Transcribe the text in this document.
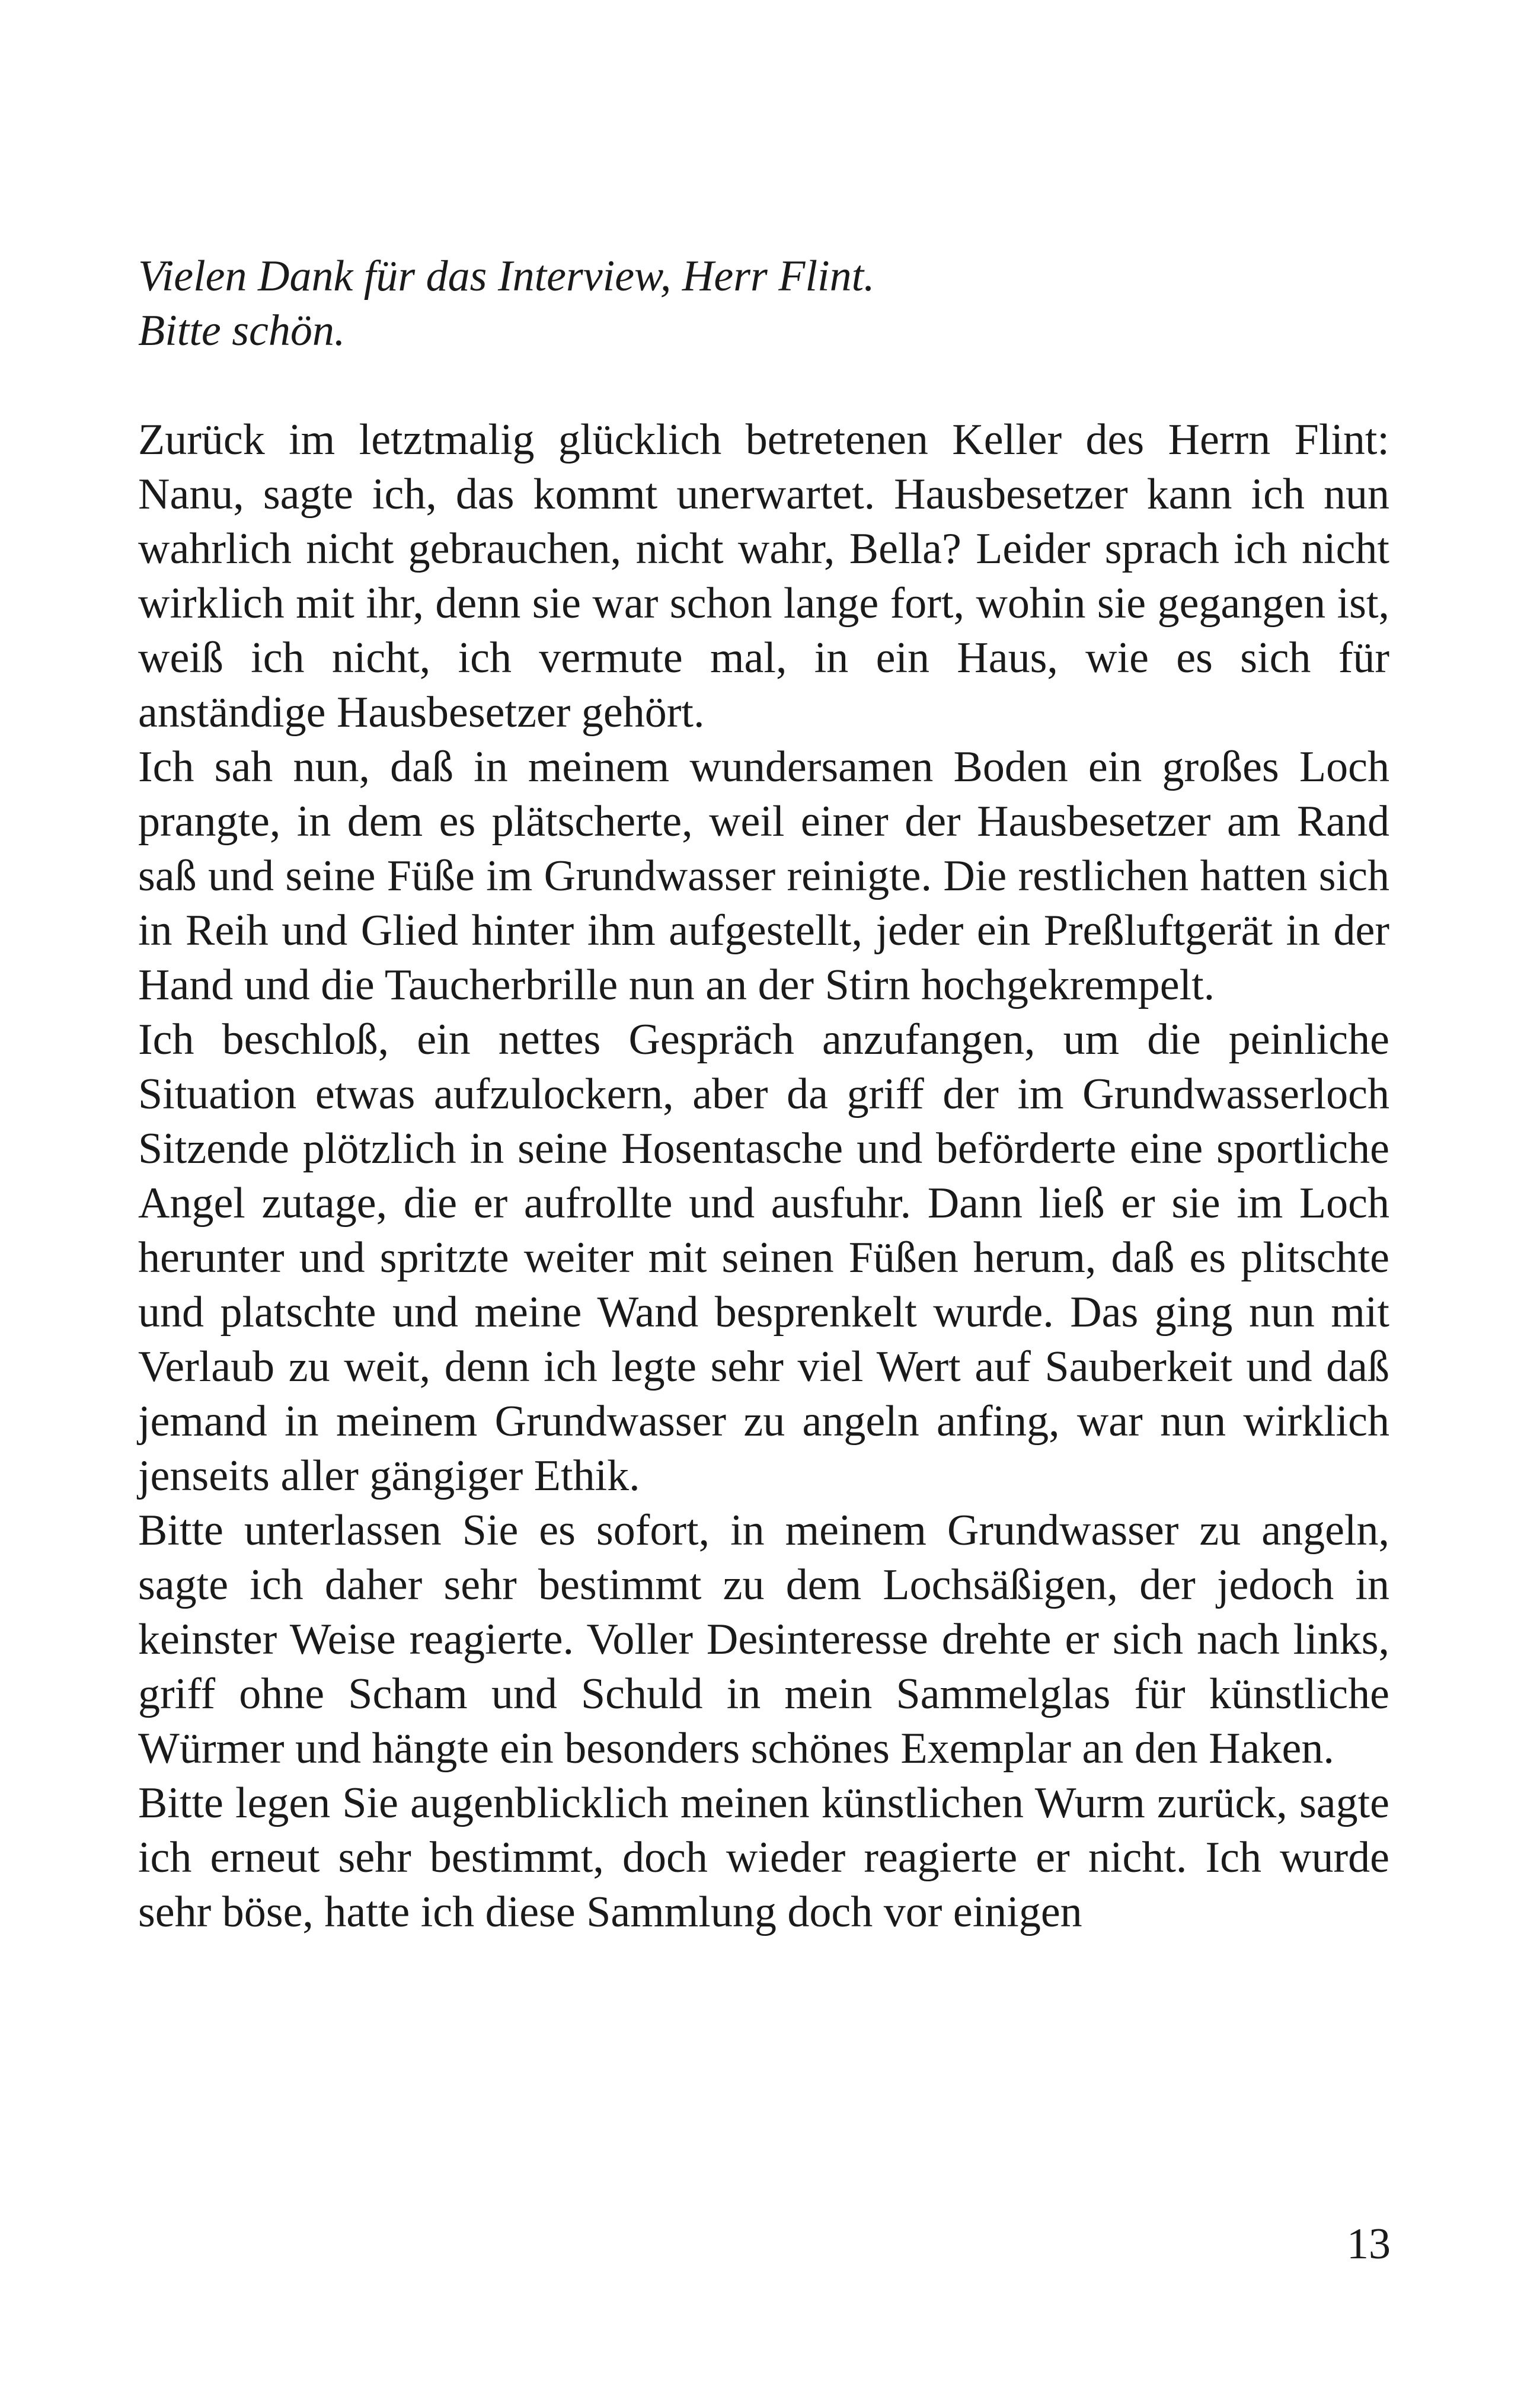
Vielen Dank für das Interview, Herr Flint.
Bitte schön.

Zurück im letztmalig glücklich betretenen Keller des Herrn Flint: Nanu, sagte ich, das kommt unerwartet. Hausbesetzer kann ich nun wahrlich nicht gebrauchen, nicht wahr, Bella? Leider sprach ich nicht wirklich mit ihr, denn sie war schon lange fort, wohin sie gegangen ist, weiß ich nicht, ich vermute mal, in ein Haus, wie es sich für anständige Hausbesetzer gehört.

Ich sah nun, daß in meinem wundersamen Boden ein großes Loch prangte, in dem es plätscherte, weil einer der Hausbesetzer am Rand saß und seine Füße im Grundwasser reinigte. Die restlichen hatten sich in Reih und Glied hinter ihm aufgestellt, jeder ein Preßluftgerät in der Hand und die Taucherbrille nun an der Stirn hochgekrempelt.

Ich beschloß, ein nettes Gespräch anzufangen, um die peinliche Situation etwas aufzulockern, aber da griff der im Grundwasserloch Sitzende plötzlich in seine Hosentasche und beförderte eine sportliche Angel zutage, die er aufrollte und ausfuhr. Dann ließ er sie im Loch herunter und spritzte weiter mit seinen Füßen herum, daß es plitschte und platschte und meine Wand besprenkelt wurde. Das ging nun mit Verlaub zu weit, denn ich legte sehr viel Wert auf Sauberkeit und daß jemand in meinem Grundwasser zu angeln anfing, war nun wirklich jenseits aller gängiger Ethik.

Bitte unterlassen Sie es sofort, in meinem Grundwasser zu angeln, sagte ich daher sehr bestimmt zu dem Lochsäßigen, der jedoch in keinster Weise reagierte. Voller Desinteresse drehte er sich nach links, griff ohne Scham und Schuld in mein Sammelglas für künstliche Würmer und hängte ein besonders schönes Exemplar an den Haken.

Bitte legen Sie augenblicklich meinen künstlichen Wurm zurück, sagte ich erneut sehr bestimmt, doch wieder reagierte er nicht. Ich wurde sehr böse, hatte ich diese Sammlung doch vor einigen

13
